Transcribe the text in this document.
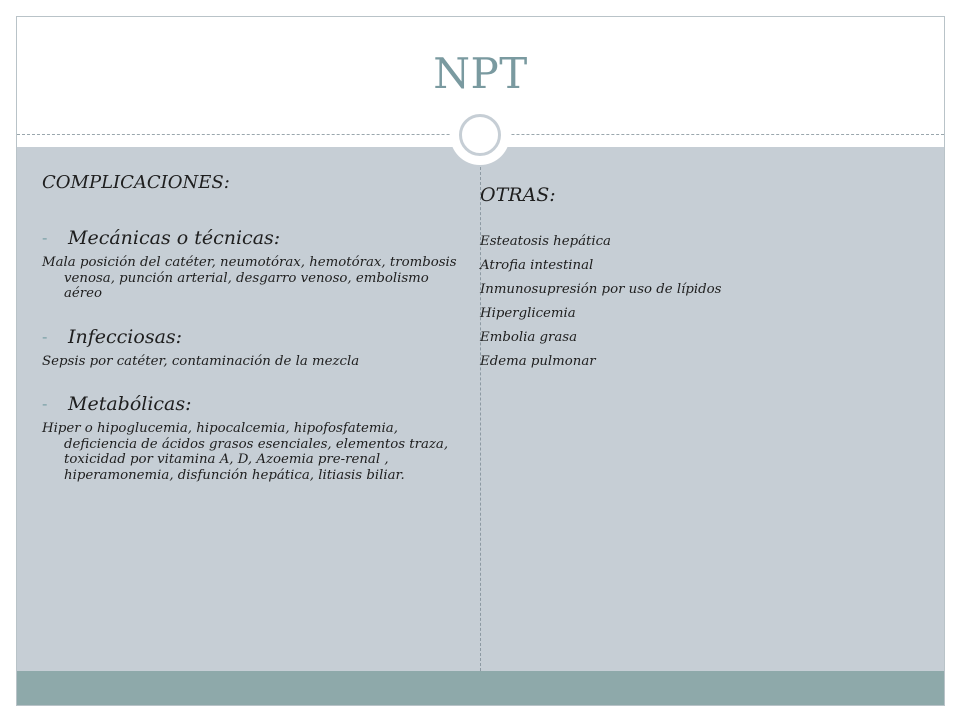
NPT
COMPLICACIONES:
- Mecánicas o técnicas:
Mala posición del catéter, neumotórax, hemotórax, trombosis venosa, punción arterial, desgarro venoso, embolismo aéreo
- Infecciosas:
Sepsis por catéter, contaminación de la mezcla
- Metabólicas:
Hiper o hipoglucemia, hipocalcemia, hipofosfatemia, deficiencia de ácidos grasos esenciales, elementos traza, toxicidad por vitamina A, D, Azoemia pre-renal , hiperamonemia, disfunción hepática, litiasis biliar.
OTRAS:
Esteatosis hepática
Atrofia intestinal
Inmunosupresión por uso de lípidos
Hiperglicemia
Embolia grasa
Edema pulmonar
